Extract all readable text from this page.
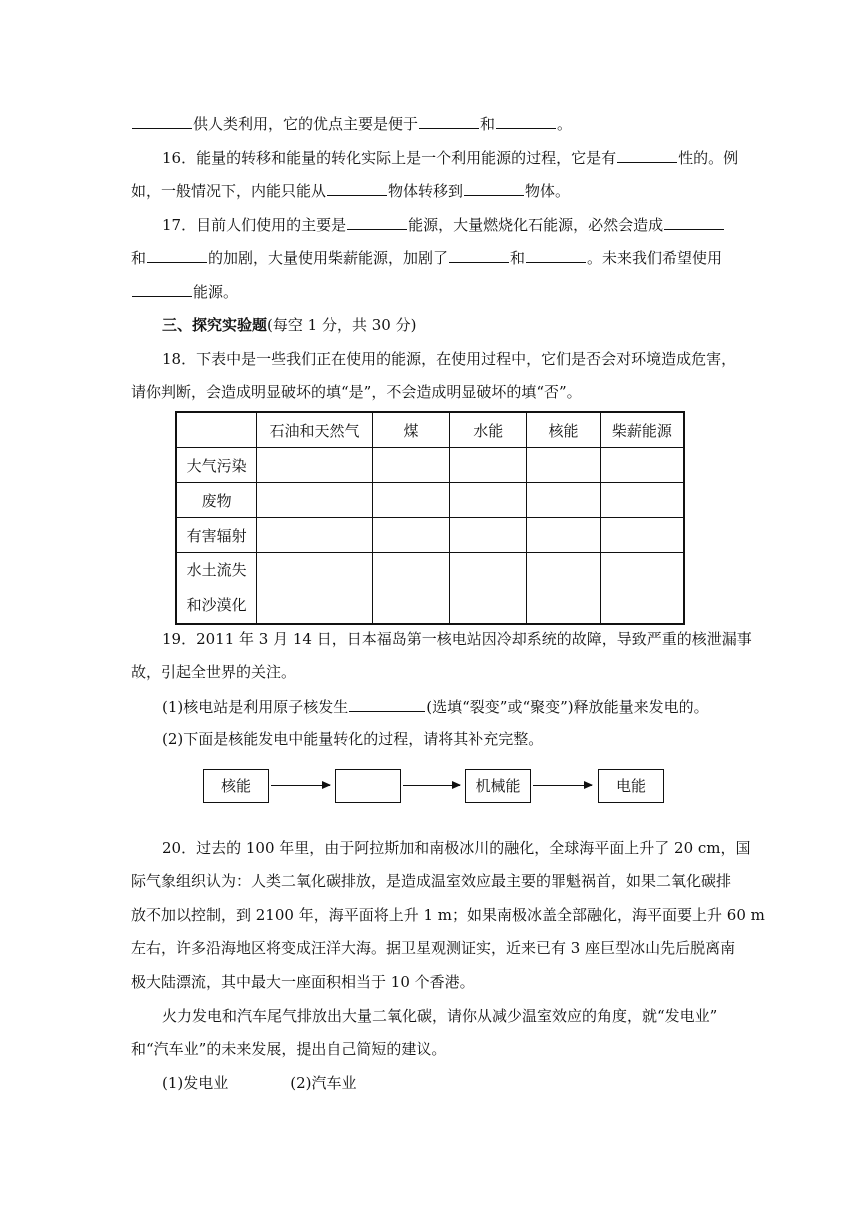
供人类利用，它的优点主要是便于	和	。
16．能量的转移和能量的转化实际上是一个利用能源的过程，它是有	性的。例
如，一般情况下，内能只能从	物体转移到	物体。
17．目前人们使用的主要是	能源，大量燃烧化石能源，必然会造成
和	的加剧，大量使用柴薪能源，加剧了	和	。未来我们希望使用
能源。
三、探究实验题(每空 1 分，共 30 分)
18．下表中是一些我们正在使用的能源，在使用过程中，它们是否会对环境造成危害，
请你判断，会造成明显破坏的填“是”，不会造成明显破坏的填“否”。
	石油和天然气	煤	水能	核能	柴薪能源
大气污染					
废物					
有害辐射					
水土流失
和沙漠化					
19．2011 年 3 月 14 日，日本福岛第一核电站因冷却系统的故障，导致严重的核泄漏事
故，引起全世界的关注。
(1)核电站是利用原子核发生	(选填“裂变”或“聚变”)释放能量来发电的。
(2)下面是核能发电中能量转化的过程，请将其补充完整。
核能	机械能	电能
20．过去的 100 年里，由于阿拉斯加和南极冰川的融化，全球海平面上升了 20 cm，国
际气象组织认为：人类二氧化碳排放，是造成温室效应最主要的罪魁祸首，如果二氧化碳排
放不加以控制，到 2100 年，海平面将上升 1 m；如果南极冰盖全部融化，海平面要上升 60 m
左右，许多沿海地区将变成汪洋大海。据卫星观测证实，近来已有 3 座巨型冰山先后脱离南
极大陆漂流，其中最大一座面积相当于 10 个香港。
火力发电和汽车尾气排放出大量二氧化碳，请你从减少温室效应的角度，就“发电业”
和“汽车业”的未来发展，提出自己简短的建议。
(1)发电业	(2)汽车业
